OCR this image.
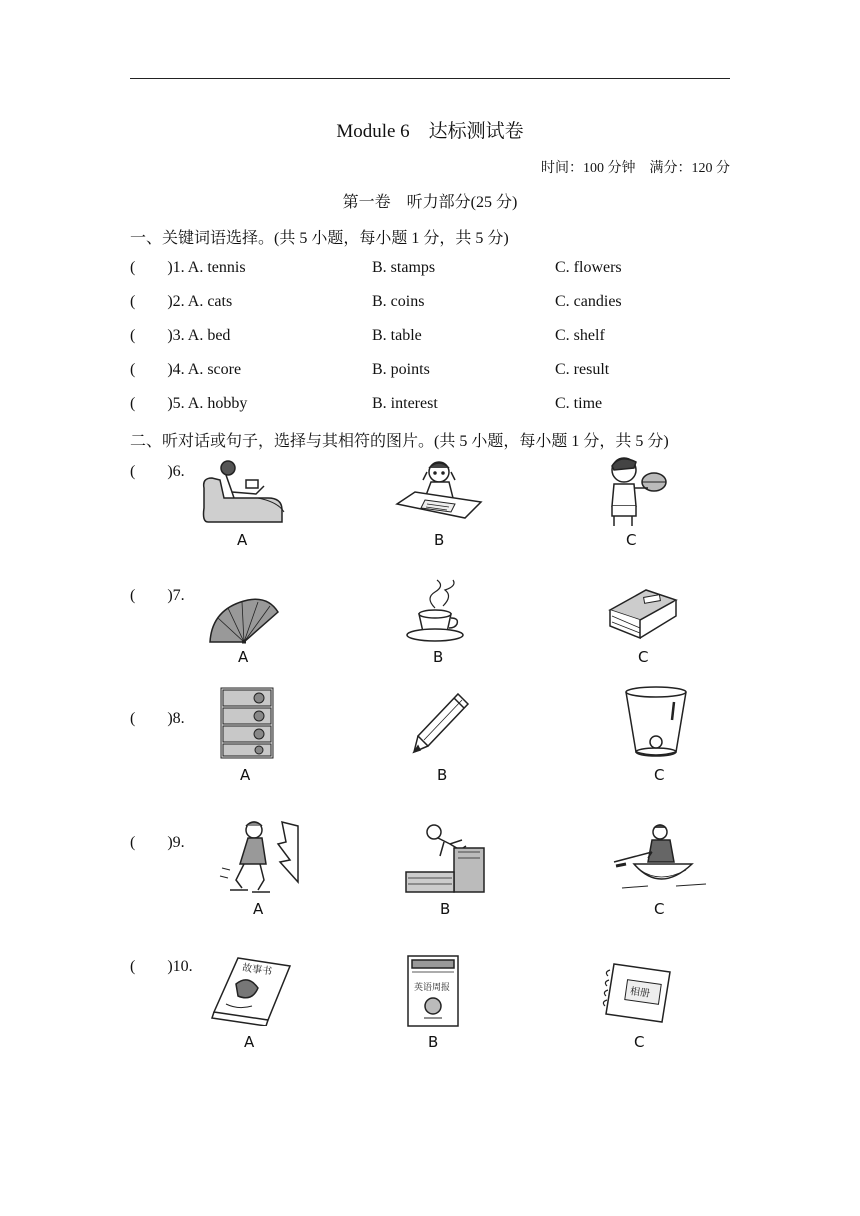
Module 6　达标测试卷
时间：100 分钟　满分：120 分
第一卷　听力部分(25 分)
一、关键词语选择。(共 5 小题，每小题 1 分，共 5 分)
(  )1. A. tennis	B. stamps	C. flowers
(  )2. A. cats	B. coins	C. candies
(  )3. A. bed	B. table	C. shelf
(  )4. A. score	B. points	C. result
(  )5. A. hobby	B. interest	C. time
二、听对话或句子，选择与其相符的图片。(共 5 小题，每小题 1 分，共 5 分)
(  )6.
A	B	C
(  )7.
A	B	C
(  )8.
A	B	C
(  )9.
A	B	C
(  )10.	故事书
A
英语周报
B
相册
C
